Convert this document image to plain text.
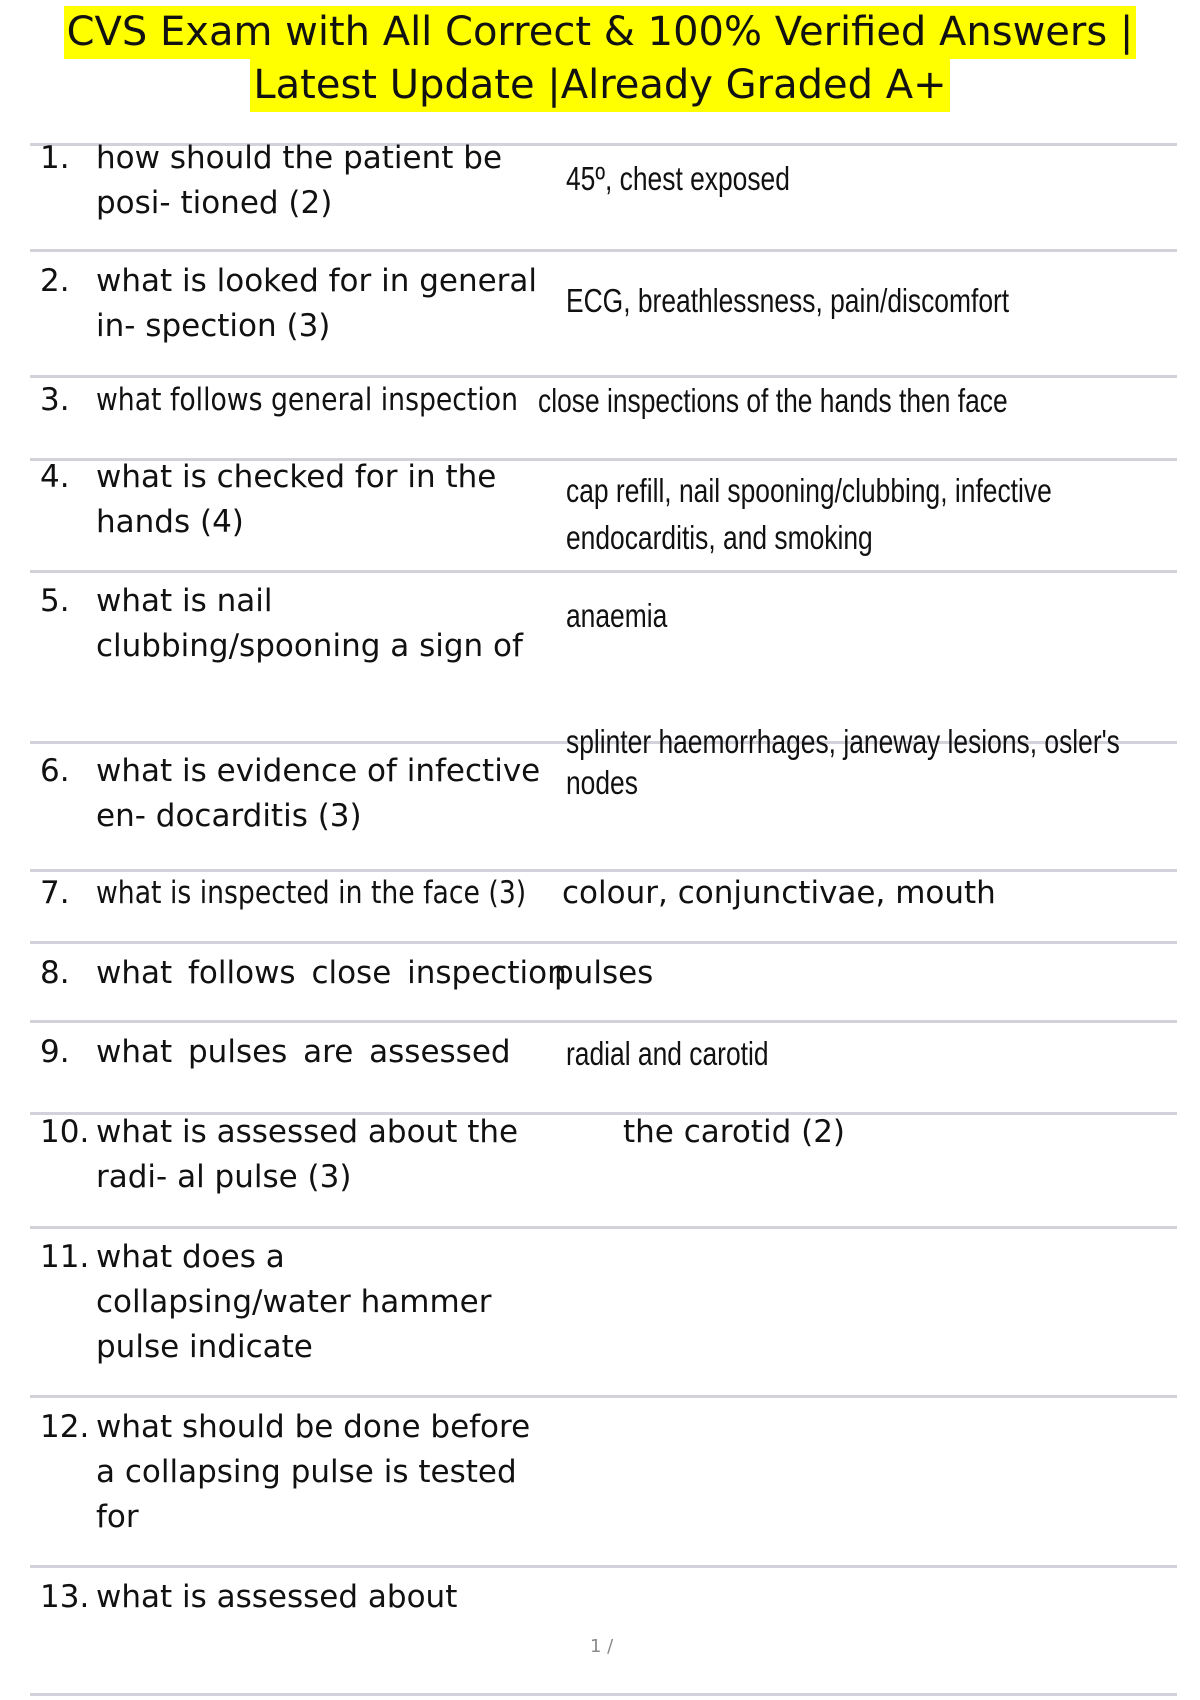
CVS Exam with All Correct & 100% Verified Answers |
Latest Update |Already Graded A+
1. how should the patient be posi- tioned (2)
45º, chest exposed
2. what is looked for in general in- spection (3)
ECG, breathlessness, pain/discomfort
3. what follows general inspection close inspections of the hands then face
4. what is checked for in the hands (4)
cap refill, nail spooning/clubbing, infective
endocarditis, and smoking
5. what is nail clubbing/spooning a sign of
anaemia
6. what is evidence of infective en- docarditis (3)
splinter haemorrhages, janeway lesions, osler's
nodes
7. what is inspected in the face (3) colour, conjunctivae, mouth
8. what follows close inspection
pulses
9. what pulses are assessed	radial and carotid
10. what is assessed about the radi- al pulse (3)
the carotid (2)
11. what does a collapsing/water hammer pulse indicate
12. what should be done before a collapsing pulse is tested for
13. what is assessed about
1 /
